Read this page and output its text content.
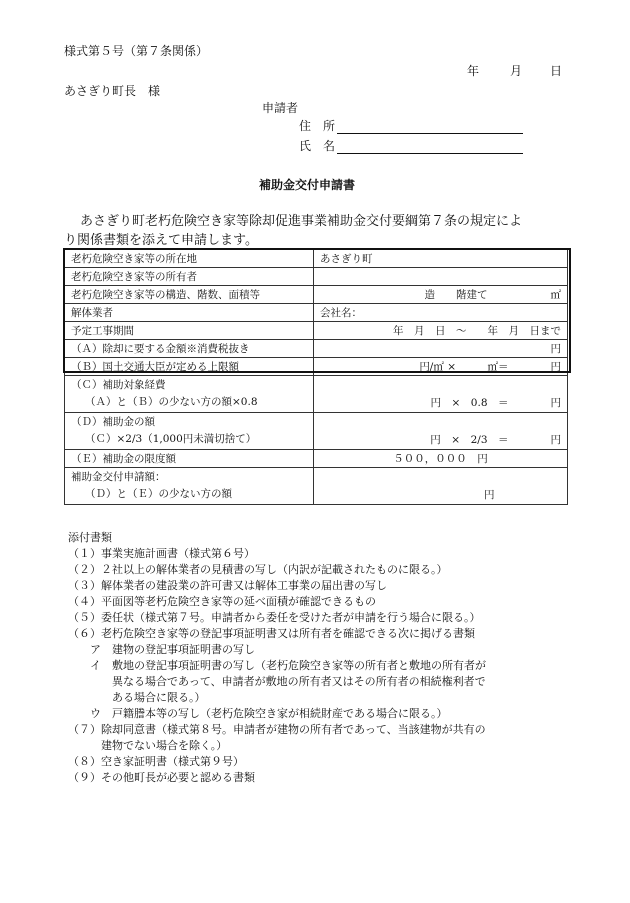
様式第５号（第７条関係）
年	月 日
あさぎり町長　様
申請者
住　所
氏　名
補助金交付申請書
あさぎり町老朽危険空き家等除却促進事業補助金交付要綱第７条の規定によ
り関係書類を添えて申請します。
老朽危険空き家等の所在地	あさぎり町
老朽危険空き家等の所有者	
老朽危険空き家等の構造、階数、面積等	造　　階建て　　　　　　㎡
解体業者	会社名：
予定工事期間	年　月　日　～　　年　月　日まで
（Ａ）除却に要する金額※消費税抜き	円
（Ｂ）国土交通大臣が定める上限額	円/㎡ ×　　　㎡＝　　　　円

（Ｃ）補助対象経費
（Ａ）と（Ｂ）の少ない方の額×0.8	円　×　0.8　＝　　　　円

（Ｄ）補助金の額
（Ｃ）×2/3（1,000円未満切捨て）	円　×　2/3　＝　　　　円
（Ｅ）補助金の限度額	５００，０００　円

補助金交付申請額：
（Ｄ）と（Ｅ）の少ない方の額	円
添付書類
（１）事業実施計画書（様式第６号）
（２）２社以上の解体業者の見積書の写し（内訳が記載されたものに限る。）
（３）解体業者の建設業の許可書又は解体工事業の届出書の写し
（４）平面図等老朽危険空き家等の延べ面積が確認できるもの
（５）委任状（様式第７号。申請者から委任を受けた者が申請を行う場合に限る。）
（６）老朽危険空き家等の登記事項証明書又は所有者を確認できる次に掲げる書類
　　ア　建物の登記事項証明書の写し
　　イ　敷地の登記事項証明書の写し（老朽危険空き家等の所有者と敷地の所有者が
　　　　異なる場合であって、申請者が敷地の所有者又はその所有者の相続権利者で
　　　　ある場合に限る。）
　　ウ　戸籍謄本等の写し（老朽危険空き家が相続財産である場合に限る。）
（７）除却同意書（様式第８号。申請者が建物の所有者であって、当該建物が共有の
　　　建物でない場合を除く。）
（８）空き家証明書（様式第９号）
（９）その他町長が必要と認める書類
